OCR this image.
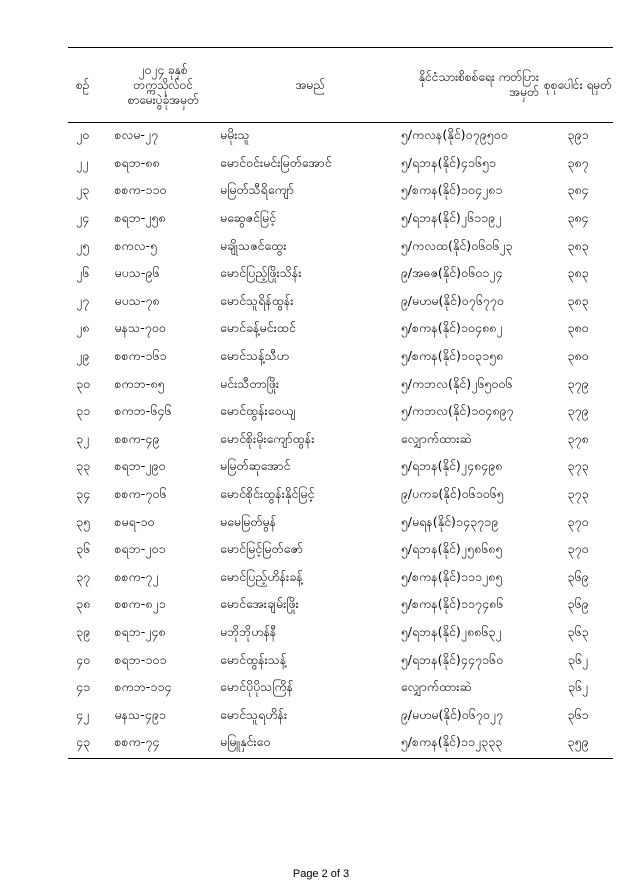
စဉ်	၂၀၂၄ ခုနှစ် တက္ကသိုလ်ဝင် စာမေးပွဲခုံအမှတ်	အမည်	နိုင်ငံသားစိစစ်ရေး ကတ်ပြားအမှတ်	စုစုပေါင်း ရမှတ်
၂၀	စလမ-၂၇	မမိုးသူ	၅/ကလန(နိုင်)၀၇၉၅၀၀	၃၉၁
၂၂	စရဘ-၈၈	မောင်ဝင်းမင်းမြတ်အောင်	၅/ရဘန(နိုင်)၄၁၆၅၁	၃၈၇
၂၃	စစက-၁၁၀	မမြတ်သီရိကျော်	၅/စကန(နိုင်)၁၀၄၂၈၁	၃၈၄
၂၄	စရဘ-၂၅၈	မဆွေဇင်မြင့်	၅/ရဘန(နိုင်)၂၆၁၁၉၂	၃၈၄
၂၅	စကလ-၅	မချိုသဇင်ထွေး	၅/ကလထ(နိုင်)၀၆၀၆၂၃	၃၈၃
၂၆	မပသ-၉၆	မောင်ပြည့်ဖြိုးသိန်း	၉/အဓဇ(နိုင်)၀၆၀၁၂၄	၃၈၃
၂၇	မပသ-၇၈	မောင်သူရိန်ထွန်း	၉/မဟမ(နိုင်)၀၇၆၇၇၀	၃၈၃
၂၈	မနသ-၇၀၀	မောင်ခန့်မင်းထင်	၅/စကန(နိုင်)၁၀၄၈၈၂	၃၈၀
၂၉	စစက-၁၆၁	မောင်သန့်သီဟ	၅/စကန(နိုင်)၁၀၃၁၅၈	၃၈၀
၃၀	စကဘ-၈၅	မင်းသီတာဖြိုး	၅/ကဘလ(နိုင်)၂၆၅၀၀၆	၃၇၉
၃၁	စကဘ-၆၄၆	မောင်ထွန်းဝေယျ	၅/ကဘလ(နိုင်)၁၀၄၈၉၇	၃၇၉
၃၂	စစက-၄၉	မောင်စိုးမိုးကျော်ထွန်း	လျှောက်ထားဆဲ	၃၇၈
၃၃	စရဘ-၂၉၀	မမြတ်ဆုအောင်	၅/ရဘန(နိုင်)၂၄၈၄၉၈	၃၇၃
၃၄	စစက-၇၀၆	မောင်စိုင်းထွန်းနိုင်မြင့်	၉/ပကခ(နိုင်)၀၆၁၀၆၅	၃၇၃
၃၅	စမရ-၁၀	မမေမြတ်မွန်	၅/မရန(နိုင်)၁၄၃၇၁၉	၃၇၀
၃၆	စရဘ-၂၀၁	မောင်မြင့်မြတ်ဇော်	၅/ရဘန(နိုင်)၂၅၈၆၈၅	၃၇၀
၃၇	စစက-၇၂	မောင်ပြည့်ဟိန်းခန့်	၅/စကန(နိုင်)၁၁၁၂၈၅	၃၆၉
၃၈	စစက-၈၂၁	မောင်အေးချမ်းဖြိုး	၅/စကန(နိုင်)၁၁၇၄၈၆	၃၆၉
၃၉	စရဘ-၂၄၈	မဘိုဘိုဟန်နီ	၅/ရဘန(နိုင်)၂၈၈၆၃၂	၃၆၃
၄၀	စရဘ-၁၀၁	မောင်ထွန်းသန့်	၅/ရဘန(နိုင်)၄၄၇၁၆၀	၃၆၂
၄၁	စကဘ-၁၁၄	မောင်ပိုပိုသကြိန်	လျှောက်ထားဆဲ	၃၆၂
၄၂	မနသ-၄၉၁	မောင်သူရဟိန်း	၉/မဟမ(နိုင်)၀၆၇၀၂၇	၃၆၁
၄၃	စစက-၇၄	မမြူနှင်းဝေ	၅/စကန(နိုင်)၁၁၂၃၃၃	၃၅၉
Page 2 of 3
